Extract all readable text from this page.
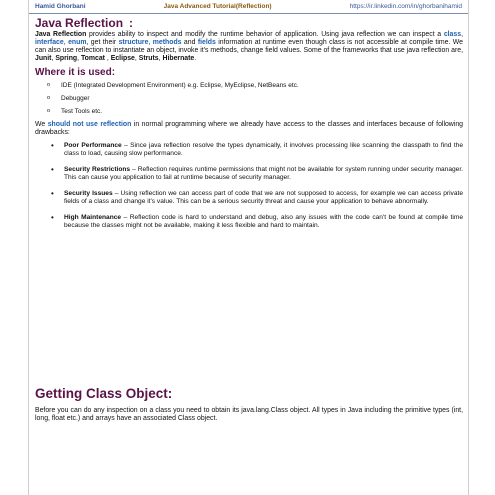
Hamid Ghorbani	Java Advanced Tutorial(Reflection)	https://ir.linkedin.com/in/ghorbanihamid
Java Reflection :

Java Reflection provides ability to inspect and modify the runtime behavior of application. Using java reflection we can inspect a class, interface, enum, get their structure, methods and fields information at runtime even though class is not accessible at compile time. We can also use reflection to instantiate an object, invoke it's methods, change field values. Some of the frameworks that use java reflection are, Junit, Spring, Tomcat , Eclipse, Struts, Hibernate.

Where it is used:
o IDE (Integrated Development Environment) e.g. Eclipse, MyEclipse, NetBeans etc.
o Debugger
o Test Tools etc.

We should not use reflection in normal programming where we already have access to the classes and interfaces because of following drawbacks:

• Poor Performance – Since java reflection resolve the types dynamically, it involves processing like scanning the classpath to find the class to load, causing slow performance.
• Security Restrictions – Reflection requires runtime permissions that might not be available for system running under security manager. This can cause you application to fail at runtime because of security manager.
• Security Issues – Using reflection we can access part of code that we are not supposed to access, for example we can access private fields of a class and change it's value. This can be a serious security threat and cause your application to behave abnormally.
• High Maintenance – Reflection code is hard to understand and debug, also any issues with the code can't be found at compile time because the classes might not be available, making it less flexible and hard to maintain.
Getting Class Object:

Before you can do any inspection on a class you need to obtain its java.lang.Class object. All types in Java including the primitive types (int, long, float etc.) and arrays have an associated Class object.
